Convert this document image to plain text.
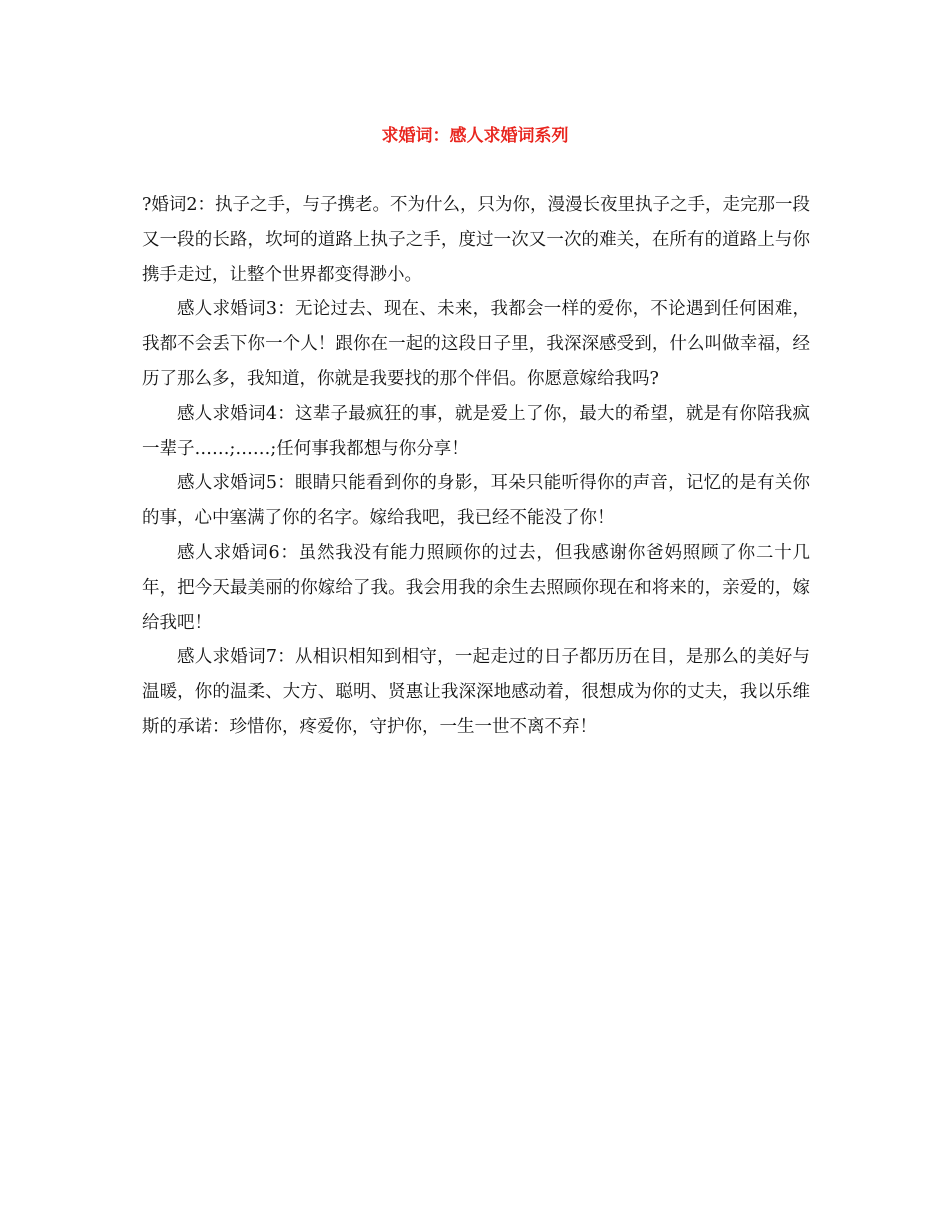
求婚词：感人求婚词系列

?婚词2：执子之手，与子携老。不为什么，只为你，漫漫长夜里执子之手，走完那一段又一段的长路，坎坷的道路上执子之手，度过一次又一次的难关，在所有的道路上与你携手走过，让整个世界都变得渺小。

感人求婚词3：无论过去、现在、未来，我都会一样的爱你，不论遇到任何困难，我都不会丢下你一个人！跟你在一起的这段日子里，我深深感受到，什么叫做幸福，经历了那么多，我知道，你就是我要找的那个伴侣。你愿意嫁给我吗?

感人求婚词4：这辈子最疯狂的事，就是爱上了你，最大的希望，就是有你陪我疯一辈子……;……;任何事我都想与你分享！

感人求婚词5：眼睛只能看到你的身影，耳朵只能听得你的声音，记忆的是有关你的事，心中塞满了你的名字。嫁给我吧，我已经不能没了你！

感人求婚词6：虽然我没有能力照顾你的过去，但我感谢你爸妈照顾了你二十几年，把今天最美丽的你嫁给了我。我会用我的余生去照顾你现在和将来的，亲爱的，嫁给我吧！

感人求婚词7：从相识相知到相守，一起走过的日子都历历在目，是那么的美好与温暖，你的温柔、大方、聪明、贤惠让我深深地感动着，很想成为你的丈夫，我以乐维斯的承诺：珍惜你，疼爱你，守护你，一生一世不离不弃！
